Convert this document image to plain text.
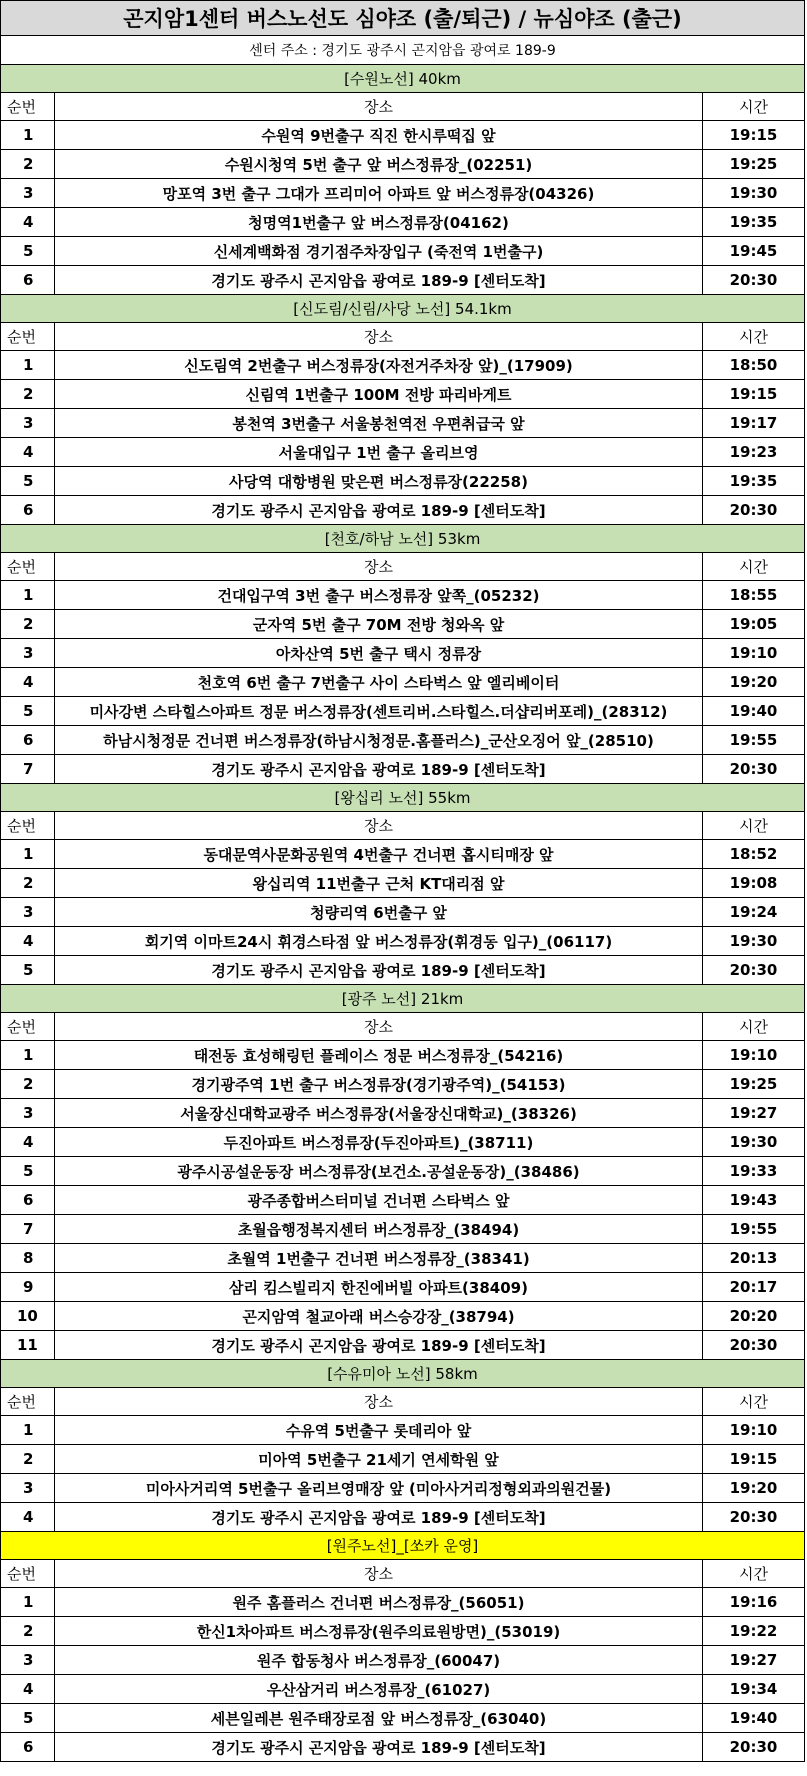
곤지암1센터 버스노선도 심야조 (출/퇴근) / 뉴심야조 (출근)		
센터 주소 : 경기도 광주시 곤지암읍 광여로 189-9		
[수원노선] 40km		
순번	장소	시간
1	수원역 9번출구 직진 한시루떡집 앞	19:15
2	수원시청역 5번 출구 앞 버스정류장_(02251)	19:25
3	망포역 3번 출구 그대가 프리미어 아파트 앞 버스정류장(04326)	19:30
4	청명역1번출구 앞 버스정류장(04162)	19:35
5	신세계백화점 경기점주차장입구 (죽전역 1번출구)	19:45
6	경기도 광주시 곤지암읍 광여로 189-9 [센터도착]	20:30
[신도림/신림/사당 노선] 54.1km		
순번	장소	시간
1	신도림역 2번출구 버스정류장(자전거주차장 앞)_(17909)	18:50
2	신림역 1번출구 100M 전방 파리바게트	19:15
3	봉천역 3번출구 서울봉천역전 우편취급국 앞	19:17
4	서울대입구 1번 출구 올리브영	19:23
5	사당역 대항병원 맞은편 버스정류장(22258)	19:35
6	경기도 광주시 곤지암읍 광여로 189-9 [센터도착]	20:30
[천호/하남 노선] 53km		
순번	장소	시간
1	건대입구역 3번 출구 버스정류장 앞쪽_(05232)	18:55
2	군자역 5번 출구 70M 전방 청와옥 앞	19:05
3	아차산역 5번 출구 택시 정류장	19:10
4	천호역 6번 출구 7번출구 사이 스타벅스 앞 엘리베이터	19:20
5	미사강변 스타힐스아파트 정문 버스정류장(센트리버.스타힐스.더샵리버포레)_(28312)	19:40
6	하남시청정문 건너편 버스정류장(하남시청정문.홈플러스)_군산오징어 앞_(28510)	19:55
7	경기도 광주시 곤지암읍 광여로 189-9 [센터도착]	20:30
[왕십리 노선] 55km		
순번	장소	시간
1	동대문역사문화공원역 4번출구 건너편 홉시티매장 앞	18:52
2	왕십리역 11번출구 근처 KT대리점 앞	19:08
3	청량리역 6번출구 앞	19:24
4	회기역 이마트24시 휘경스타점 앞 버스정류장(휘경동 입구)_(06117)	19:30
5	경기도 광주시 곤지암읍 광여로 189-9 [센터도착]	20:30
[광주 노선] 21km		
순번	장소	시간
1	태전동 효성해링턴 플레이스 정문 버스정류장_(54216)	19:10
2	경기광주역 1번 출구 버스정류장(경기광주역)_(54153)	19:25
3	서울장신대학교광주 버스정류장(서울장신대학교)_(38326)	19:27
4	두진아파트 버스정류장(두진아파트)_(38711)	19:30
5	광주시공설운동장 버스정류장(보건소.공설운동장)_(38486)	19:33
6	광주종합버스터미널 건너편 스타벅스 앞	19:43
7	초월읍행정복지센터 버스정류장_(38494)	19:55
8	초월역 1번출구 건너편 버스정류장_(38341)	20:13
9	삼리 킴스빌리지 한진에버빌 아파트(38409)	20:17
10	곤지암역 철교아래 버스승강장_(38794)	20:20
11	경기도 광주시 곤지암읍 광여로 189-9 [센터도착]	20:30
[수유미아 노선] 58km		
순번	장소	시간
1	수유역 5번출구 롯데리아 앞	19:10
2	미아역 5번출구 21세기 연세학원 앞	19:15
3	미아사거리역 5번출구 올리브영매장 앞 (미아사거리정형외과의원건물)	19:20
4	경기도 광주시 곤지암읍 광여로 189-9 [센터도착]	20:30
[원주노선]_[쏘카 운영]		
순번	장소	시간
1	원주 홈플러스 건너편 버스정류장_(56051)	19:16
2	한신1차아파트 버스정류장(원주의료원방면)_(53019)	19:22
3	원주 합동청사 버스정류장_(60047)	19:27
4	우산삼거리 버스정류장_(61027)	19:34
5	세븐일레븐 원주태장로점 앞 버스정류장_(63040)	19:40
6	경기도 광주시 곤지암읍 광여로 189-9 [센터도착]	20:30
